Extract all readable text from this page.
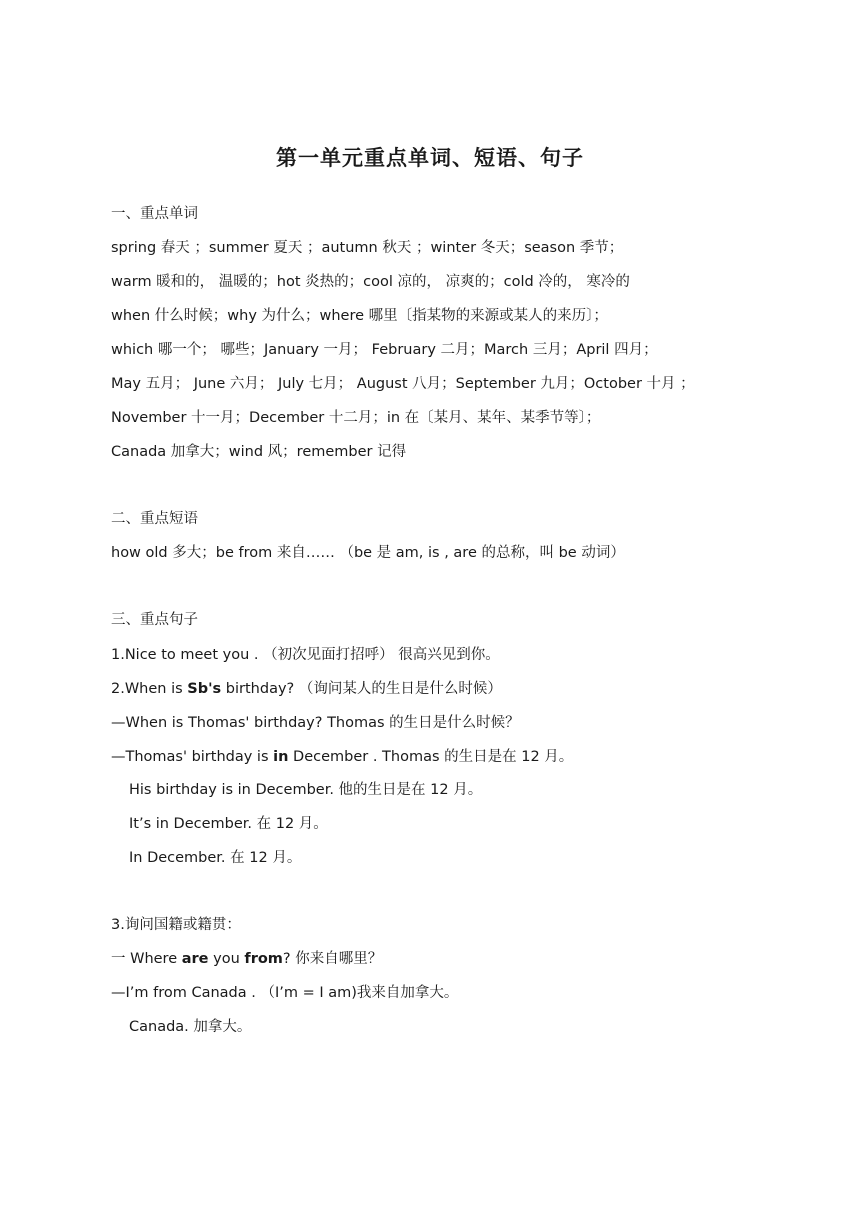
第一单元重点单词、短语、句子

一、重点单词

spring 春天 ；summer 夏天 ；autumn 秋天 ；winter 冬天；season 季节；

warm 暖和的， 温暖的；hot 炎热的；cool 凉的， 凉爽的；cold 冷的， 寒冷的

when 什么时候；why 为什么；where 哪里〔指某物的来源或某人的来历〕；

which 哪一个； 哪些；January 一月； February 二月；March 三月；April 四月；

May 五月； June 六月； July 七月； August 八月；September 九月；October 十月 ；

November 十一月；December 十二月；in 在〔某月、某年、某季节等〕；

Canada 加拿大；wind 风；remember 记得

二、重点短语

how old 多大；be from 来自…… （be 是 am, is , are 的总称，叫 be 动词）

三、重点句子

1.Nice to meet you . （初次见面打招呼） 很高兴见到你。

2.When is Sb's birthday? （询问某人的生日是什么时候）

—When is Thomas' birthday? Thomas 的生日是什么时候？

—Thomas' birthday is in December . Thomas 的生日是在 12 月。

His birthday is in December. 他的生日是在 12 月。

It’s in December. 在 12 月。

In December. 在 12 月。

3.询问国籍或籍贯：

一 Where are you from? 你来自哪里？

—I’m from Canada . （I’m = I am)我来自加拿大。

Canada. 加拿大。
